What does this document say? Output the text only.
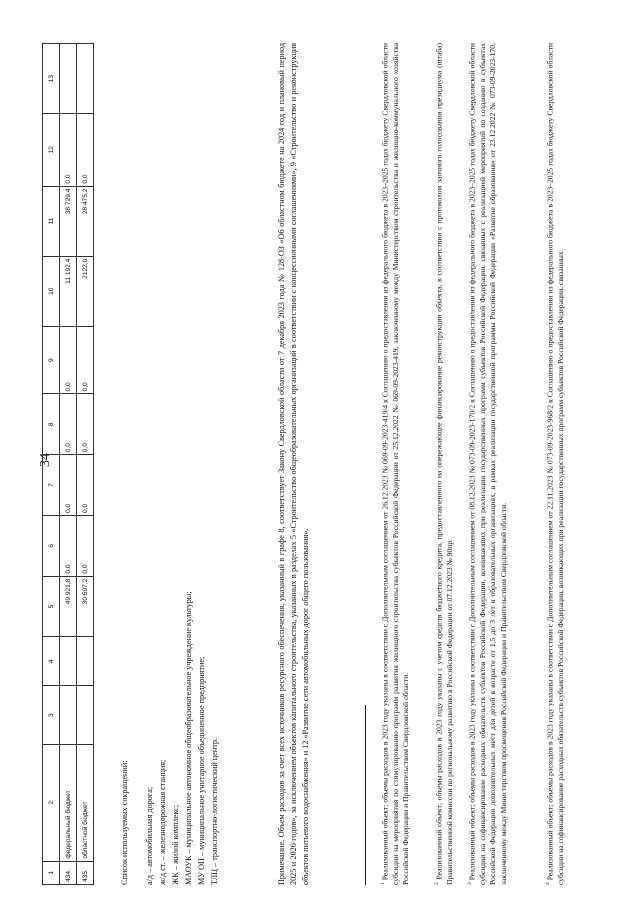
34
1	2	3	4	5	6	7	8	9	10	11	12	13
434.	федеральный бюджет			49 921,8	0,0	0,0	0,0	0,0	11 192,4	38 729,4	0,0	
435.	областной бюджет			30 597,2	0,0	0,0	0,0	0,0	2122,0	28 475,2	0,0	

Список используемых сокращений: а/д – автомобильная дорога; ж/д ст. – железнодорожная станция; ЖК – жилой комплекс; МАОУК – муниципальное автономное общеобразовательное учреждение культуры; МУ ОП – муниципальное унитарное объединенное предприятие; ТЛЦ – транспортно-логистический центр.	Примечание. Объем расходов за счет всех источников ресурсного обеспечения, указанный в графе 8, соответствует Закону Свердловской области от 7 декабря 2023 года № 128-ОЗ «Об областном бюджете на 2024 год и плановый период 2025 и 2026 годов», за исключением объектов капитального строительства, указанных в разделах 5 «Строительство общеобразовательных организаций в соответствии с концессионными соглашениями», 9 «Строительство и реконструкция объектов питьевого водоснабжения» и 12 «Развитие сети автомобильных дорог общего пользования».	$^1$ Реализованный объект; объемы расходов в 2023 году указаны в соответствии с Дополнительным соглашением от 26.12.2023 № 069-09-2023-419/4 к Соглашению о предоставлении из федерального бюджета в 2023–2025 годах бюджету Свердловской области субсидии на мероприятия по стимулированию программ развития жилищного строительства субъектов Российской Федерации от 25.12.2022 № 069-09-2023-419, заключенному между Министерством строительства и жилищно-коммунального хозяйства Российской Федерации и Правительством Свердловской области.	$^2$ Реализованный объект; объемы расходов в 2023 году указаны с учетом средств бюджетного кредита, предоставленного на опережающее финансирование реконструкции объекта, в соответствии с протоколом заочного голосования президиума (штаба) Правительственной комиссии по региональному развитию в Российской Федерации от 07.12.2023 № 90пр.	$^3$ Реализованный объект; объемы расходов в 2023 году указаны в соответствии с Дополнительным соглашением от 08.12.2023 № 073-09-2023-170/2 к Соглашению о предоставлении из федерального бюджета в 2023–2025 годах бюджету Свердловской области субсидии на софинансирование расходных обязательств субъектов Российской Федерации, возникающих при реализации государственных программ субъектов Российской Федерации, связанных с реализацией мероприятий по созданию в субъектах Российской Федерации дополнительных мест для детей в возрасте от 1,5 до 3 лет в образовательных организациях, в рамках реализации государственной программы Российской Федерации «Развитие образования» от 23.12.2022 № 073-09-2023-170, заключенному между Министерством просвещения Российской Федерации и Правительством Свердловской области.	$^4$ Реализованный объект; объемы расходов в 2023 году указаны в соответствии с Дополнительным соглашением от 22.11.2023 № 073-09-2023-968/2 к Соглашению о предоставлении из федерального бюджета в 2023–2025 годах бюджету Свердловской области субсидии на софинансирование расходных обязательств субъектов Российской Федерации, возникающих при реализации государственных программ субъектов Российской Федерации, связанных
